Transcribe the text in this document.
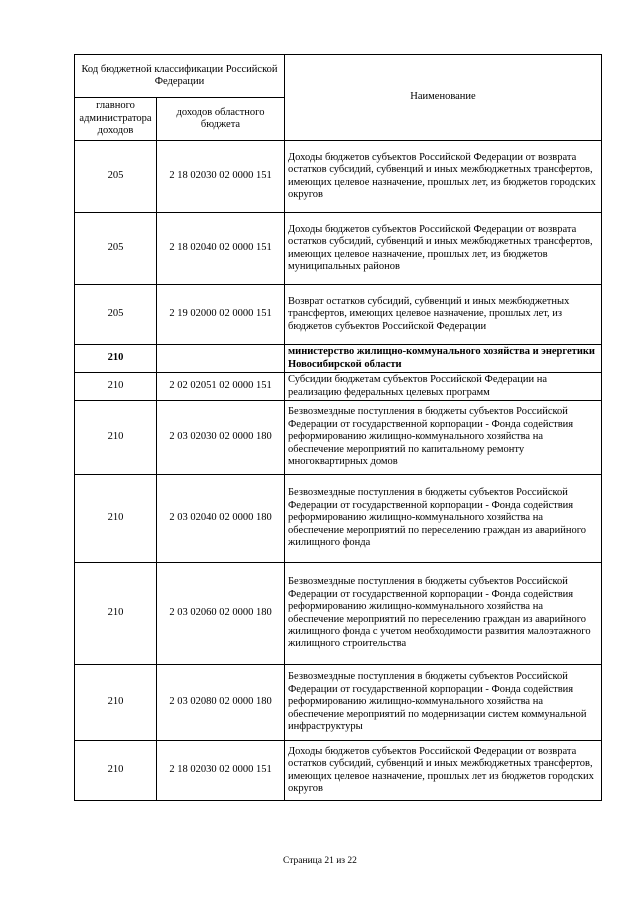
Код бюджетной классификации Российской Федерации		Наименование
главного администратора доходов	доходов областного бюджета	
205	2 18 02030 02 0000 151	Доходы бюджетов субъектов Российской Федерации от возврата остатков субсидий, субвенций и иных межбюджетных трансфертов, имеющих целевое назначение, прошлых лет, из бюджетов городских округов
205	2 18 02040 02 0000 151	Доходы бюджетов субъектов Российской Федерации от возврата остатков субсидий, субвенций и иных межбюджетных трансфертов, имеющих целевое назначение, прошлых лет, из бюджетов муниципальных районов
205	2 19 02000 02 0000 151	Возврат остатков субсидий, субвенций и иных межбюджетных трансфертов, имеющих целевое назначение, прошлых лет, из бюджетов субъектов Российской Федерации
210		министерство жилищно-коммунального хозяйства и энергетики Новосибирской области
210	2 02 02051 02 0000 151	Субсидии бюджетам субъектов Российской Федерации на реализацию федеральных целевых программ
210	2 03 02030 02 0000 180	Безвозмездные поступления в бюджеты субъектов Российской Федерации от государственной корпорации - Фонда содействия реформированию жилищно-коммунального хозяйства на обеспечение мероприятий по капитальному ремонту многоквартирных домов
210	2 03 02040 02 0000 180	Безвозмездные поступления в бюджеты субъектов Российской Федерации от государственной корпорации - Фонда содействия реформированию жилищно-коммунального хозяйства на обеспечение мероприятий по переселению граждан из аварийного жилищного фонда
210	2 03 02060 02 0000 180	Безвозмездные поступления в бюджеты субъектов Российской Федерации от государственной корпорации - Фонда содействия реформированию жилищно-коммунального хозяйства на обеспечение мероприятий по переселению граждан из аварийного жилищного фонда с учетом необходимости развития малоэтажного жилищного строительства
210	2 03 02080 02 0000 180	Безвозмездные поступления в бюджеты субъектов Российской Федерации от государственной корпорации - Фонда содействия реформированию жилищно-коммунального хозяйства на обеспечение мероприятий по модернизации систем коммунальной инфраструктуры
210	2 18 02030 02 0000 151	Доходы бюджетов субъектов Российской Федерации от возврата остатков субсидий, субвенций и иных межбюджетных трансфертов, имеющих целевое назначение, прошлых лет из бюджетов городских округов
Страница 21 из 22
